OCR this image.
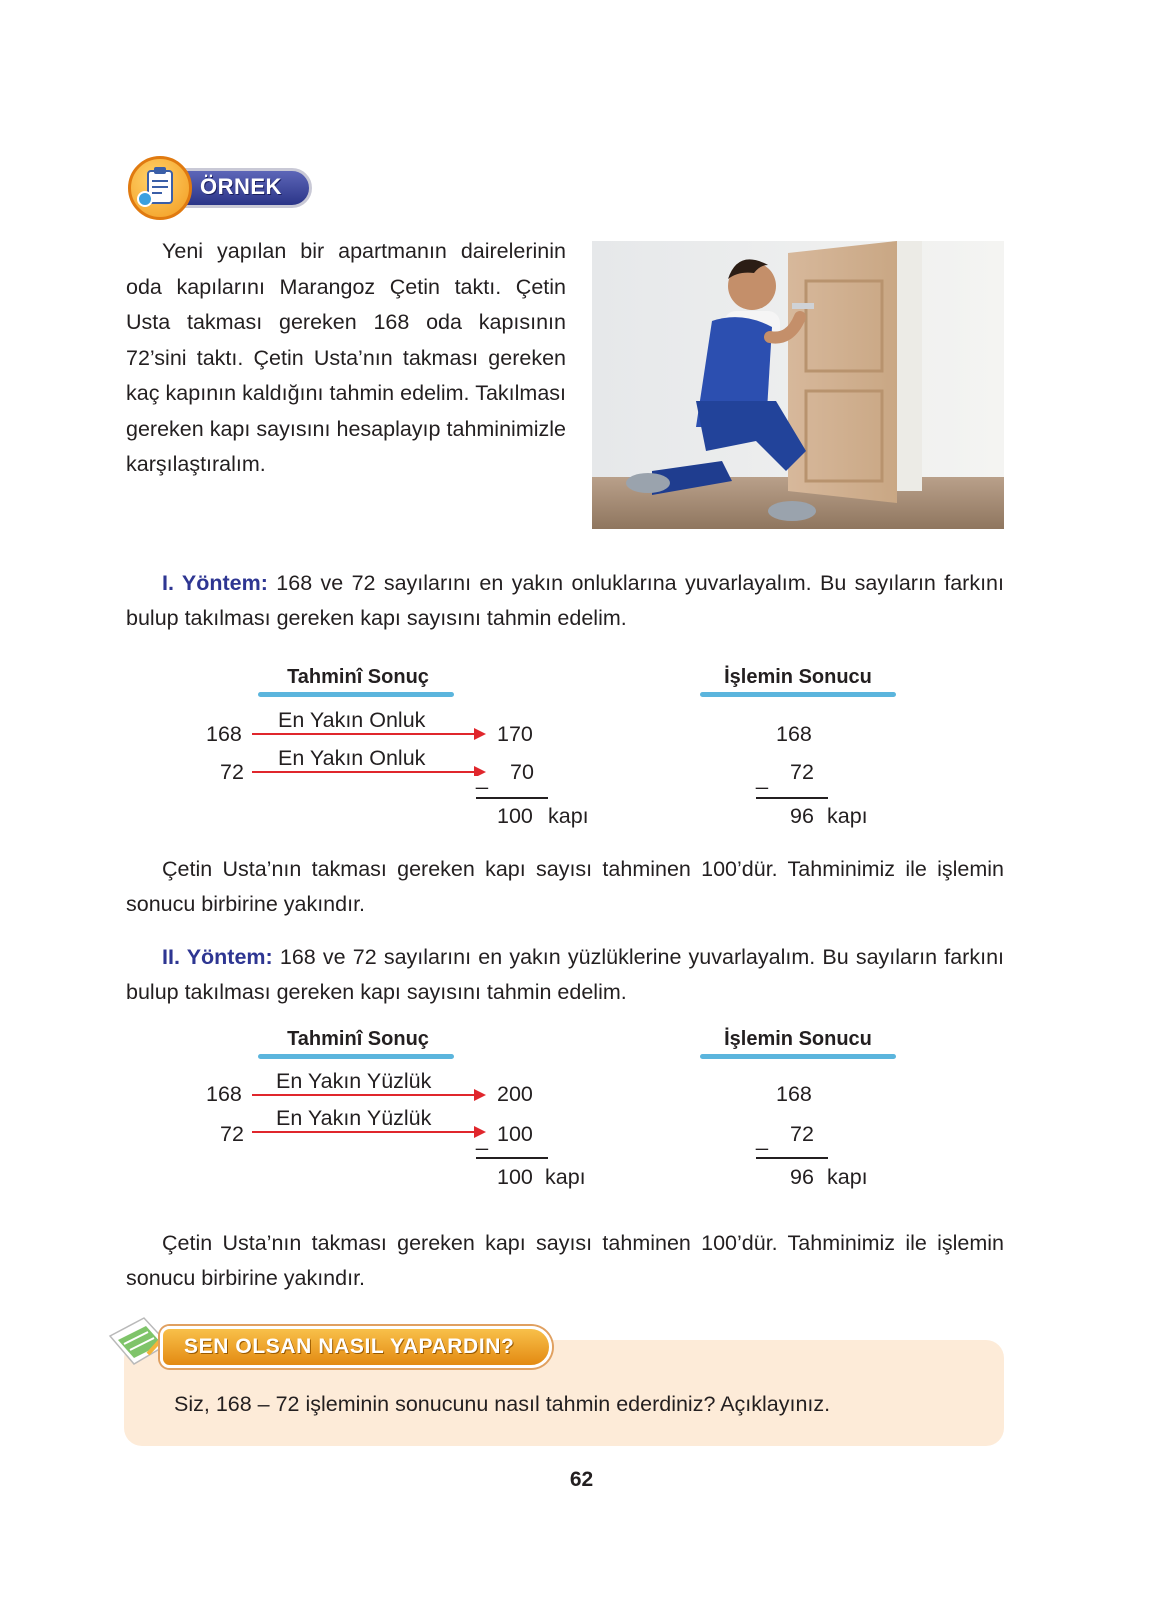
ÖRNEK

Yeni yapılan bir apartmanın dairelerinin oda kapılarını Marangoz Çetin taktı. Çetin Usta takması gereken 168 oda kapısının 72’sini taktı. Çetin Usta’nın takması gereken kaç kapının kaldığını tahmin edelim. Takılması gereken kapı sayısını hesaplayıp tahminimizle karşılaştıralım.

I. Yöntem: 168 ve 72 sayılarını en yakın onluklarına yuvarlayalım. Bu sayıların farkını bulup takılması gereken kapı sayısını tahmin edelim.

Tahminî Sonuç	İşlemin Sonucu
168
72
En Yakın Onluk
En Yakın Onluk
170
70
_
100 kapı
168
72
_
96 kapı

Çetin Usta’nın takması gereken kapı sayısı tahminen 100’dür. Tahminimiz ile işlemin sonucu birbirine yakındır.

II. Yöntem: 168 ve 72 sayılarını en yakın yüzlüklerine yuvarlayalım. Bu sayıların farkını bulup takılması gereken kapı sayısını tahmin edelim.

Tahminî Sonuç	İşlemin Sonucu
168
72
En Yakın Yüzlük
En Yakın Yüzlük
200
100
_
100 kapı
168
72
_
96 kapı

Çetin Usta’nın takması gereken kapı sayısı tahminen 100’dür. Tahminimiz ile işlemin sonucu birbirine yakındır.

SEN OLSAN NASIL YAPARDIN?
Siz, 168 – 72 işleminin sonucunu nasıl tahmin ederdiniz? Açıklayınız.
62
